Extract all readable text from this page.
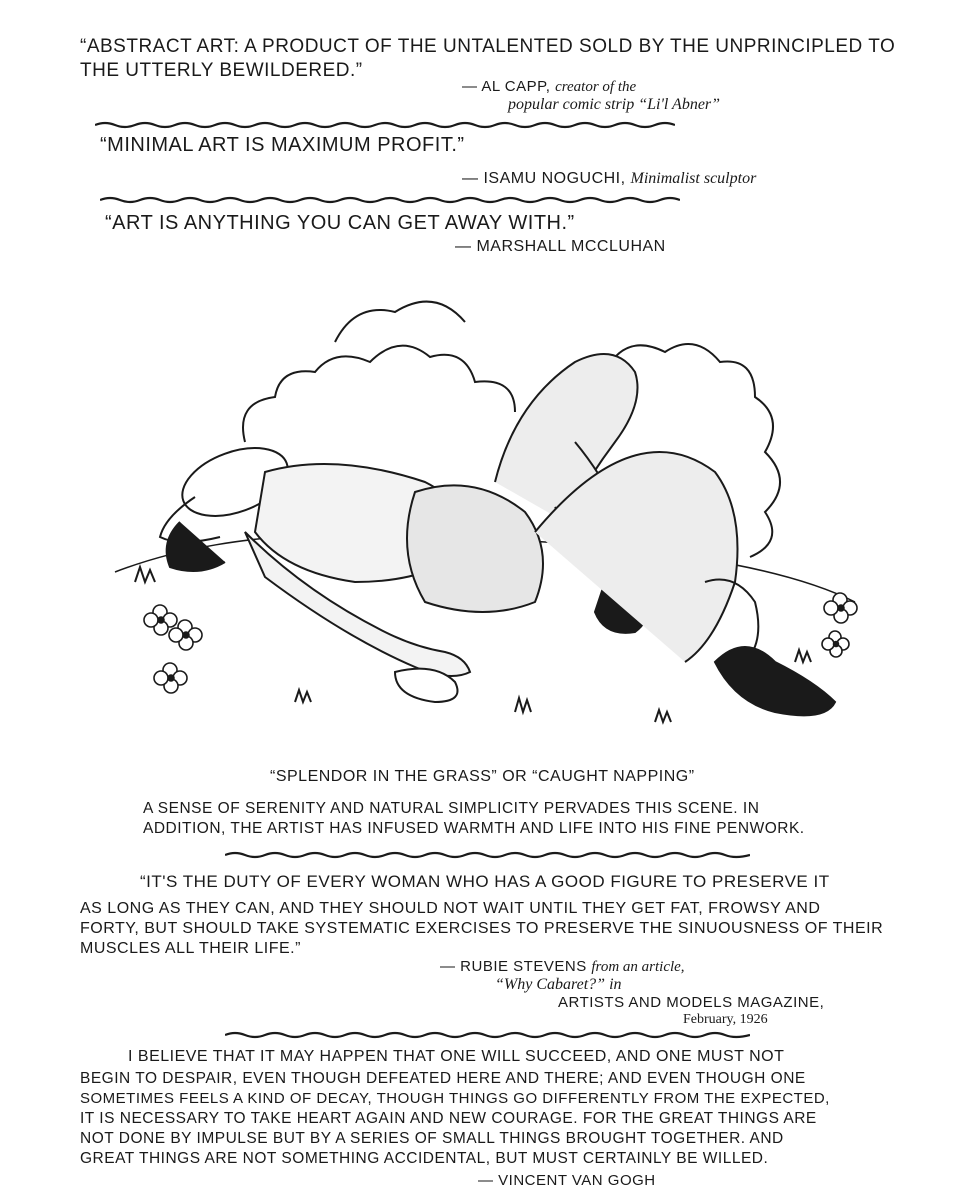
“ABSTRACT ART: A PRODUCT OF THE UNTALENTED SOLD BY THE UNPRINCIPLED TO

THE UTTERLY BEWILDERED.”

— AL CAPP, creator of the

popular comic strip “Li'l Abner”

“MINIMAL ART IS MAXIMUM PROFIT.”

— ISAMU NOGUCHI, Minimalist sculptor

“ART IS ANYTHING YOU CAN GET AWAY WITH.”

— MARSHALL MCCLUHAN

“SPLENDOR IN THE GRASS” OR “CAUGHT NAPPING”

A SENSE OF SERENITY AND NATURAL SIMPLICITY PERVADES THIS SCENE. IN

ADDITION, THE ARTIST HAS INFUSED WARMTH AND LIFE INTO HIS FINE PENWORK.

“IT'S THE DUTY OF EVERY WOMAN WHO HAS A GOOD FIGURE TO PRESERVE IT

AS LONG AS THEY CAN, AND THEY SHOULD NOT WAIT UNTIL THEY GET FAT, FROWSY AND

FORTY, BUT SHOULD TAKE SYSTEMATIC EXERCISES TO PRESERVE THE SINUOUSNESS OF THEIR

MUSCLES ALL THEIR LIFE.”

— RUBIE STEVENS from an article,

“Why Cabaret?” in

ARTISTS AND MODELS MAGAZINE,

February, 1926

I BELIEVE THAT IT MAY HAPPEN THAT ONE WILL SUCCEED, AND ONE MUST NOT

BEGIN TO DESPAIR, EVEN THOUGH DEFEATED HERE AND THERE; AND EVEN THOUGH ONE

SOMETIMES FEELS A KIND OF DECAY, THOUGH THINGS GO DIFFERENTLY FROM THE EXPECTED,

IT IS NECESSARY TO TAKE HEART AGAIN AND NEW COURAGE. FOR THE GREAT THINGS ARE

NOT DONE BY IMPULSE BUT BY A SERIES OF SMALL THINGS BROUGHT TOGETHER. AND

GREAT THINGS ARE NOT SOMETHING ACCIDENTAL, BUT MUST CERTAINLY BE WILLED.

— VINCENT VAN GOGH
